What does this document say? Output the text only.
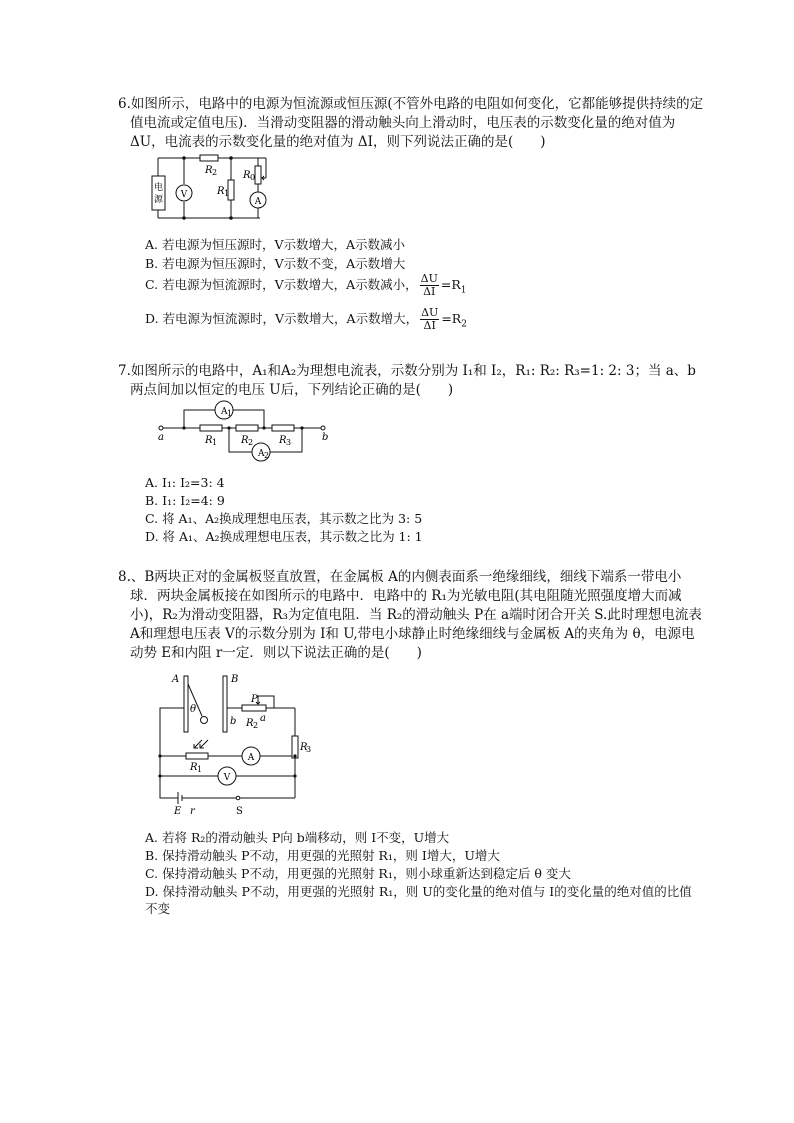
6.如图所示，电路中的电源为恒流源或恒压源(不管外电路的电阻如何变化，它都能够提供持续的定值电流或定值电压)．当滑动变阻器的滑动触头向上滑动时，电压表的示数变化量的绝对值为 ΔU，电流表的示数变化量的绝对值为 ΔI，则下列说法正确的是(　　)

电
源 V
R 2
R 1
R 0
A
A. 若电源为恒压源时，V示数增大，A示数减小
B. 若电源为恒压源时，V示数不变，A示数增大
C. 若电源为恒流源时，V示数增大，A示数减小， $\frac{\Delta U}{\Delta I} =R_1$
D. 若电源为恒流源时，V示数增大，A示数增大， $\frac{\Delta U}{\Delta I} =R_2$

7.如图所示的电路中，A₁和A₂为理想电流表，示数分别为 I₁和 I₂，R₁: R₂: R₃=1: 2: 3；当 a、b两点间加以恒定的电压 U后，下列结论正确的是(　　)

a	b
A 1
A 2
R 1 R 2	R 3
A. I₁: I₂=3: 4
B. I₁: I₂=4: 9
C. 将 A₁、A₂换成理想电压表，其示数之比为 3: 5
D. 将 A₁、A₂换成理想电压表，其示数之比为 1: 1

8.、B两块正对的金属板竖直放置，在金属板 A的内侧表面系一绝缘细线，细线下端系一带电小球．两块金属板接在如图所示的电路中．电路中的 R₁为光敏电阻(其电阻随光照强度增大而减小)，R₂为滑动变阻器，R₃为定值电阻．当 R₂的滑动触头 P在 a端时闭合开关 S.此时理想电流表 A和理想电压表 V的示数分别为 I和 U,带电小球静止时绝缘细线与金属板 A的夹角为 θ，电源电动势 E和内阻 r一定．则以下说法正确的是(　　)

A	B
θ
P
b a
R 2
R
3
R 1
A
V
E r	S
A. 若将 R₂的滑动触头 P向 b端移动，则 I不变，U增大
B. 保持滑动触头 P不动，用更强的光照射 R₁，则 I增大，U增大
C. 保持滑动触头 P不动，用更强的光照射 R₁，则小球重新达到稳定后 θ 变大
D. 保持滑动触头 P不动，用更强的光照射 R₁，则 U的变化量的绝对值与 I的变化量的绝对值的比值不变
